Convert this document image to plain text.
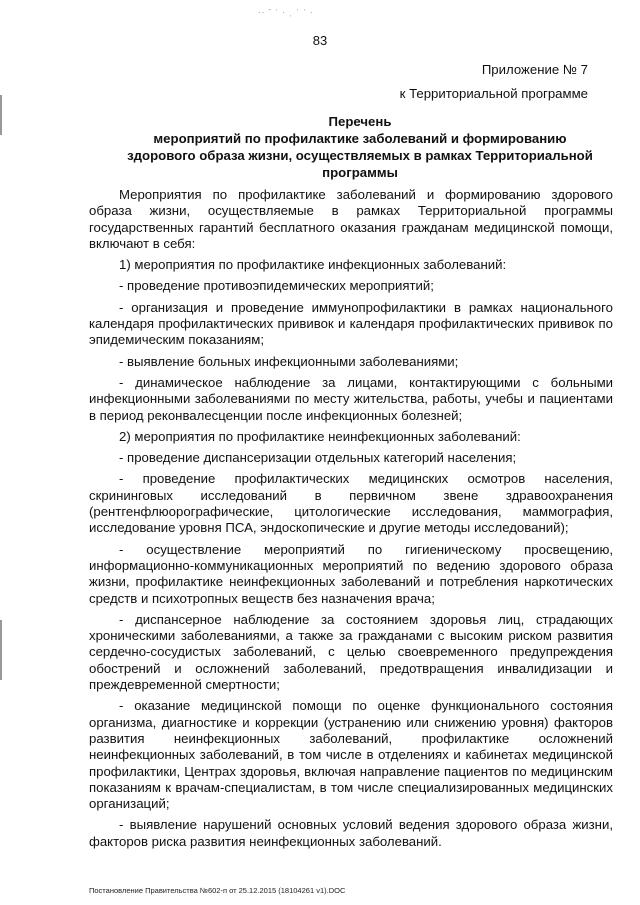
·· ˉ ˈ · ˌ ˈ ˈ ·
83
Приложение № 7
к Территориальной программе
Перечень
мероприятий по профилактике заболеваний и формированию
здорового образа жизни, осуществляемых в рамках Территориальной
программы

Мероприятия по профилактике заболеваний и формированию здорового образа жизни, осуществляемые в рамках Территориальной программы государственных гарантий бесплатного оказания гражданам медицинской помощи, включают в себя:

1) мероприятия по профилактике инфекционных заболеваний:

- проведение противоэпидемических мероприятий;

- организация и проведение иммунопрофилактики в рамках национального календаря профилактических прививок и календаря профилактических прививок по эпидемическим показаниям;

- выявление больных инфекционными заболеваниями;

- динамическое наблюдение за лицами, контактирующими с больными инфекционными заболеваниями по месту жительства, работы, учебы и пациентами в период реконвалесценции после инфекционных болезней;

2) мероприятия по профилактике неинфекционных заболеваний:

- проведение диспансеризации отдельных категорий населения;

- проведение профилактических медицинских осмотров населения, скрининговых исследований в первичном звене здравоохранения (рентгенфлюорографические, цитологические исследования, маммография, исследование уровня ПСА, эндоскопические и другие методы исследований);

- осуществление мероприятий по гигиеническому просвещению, информационно-коммуникационных мероприятий по ведению здорового образа жизни, профилактике неинфекционных заболеваний и потребления наркотических средств и психотропных веществ без назначения врача;

- диспансерное наблюдение за состоянием здоровья лиц, страдающих хроническими заболеваниями, а также за гражданами с высоким риском развития сердечно-сосудистых заболеваний, с целью своевременного предупреждения обострений и осложнений заболеваний, предотвращения инвалидизации и преждевременной смертности;

- оказание медицинской помощи по оценке функционального состояния организма, диагностике и коррекции (устранению или снижению уровня) факторов развития неинфекционных заболеваний, профилактике осложнений неинфекционных заболеваний, в том числе в отделениях и кабинетах медицинской профилактики, Центрах здоровья, включая направление пациентов по медицинским показаниям к врачам-специалистам, в том числе специализированных медицинских организаций;

- выявление нарушений основных условий ведения здорового образа жизни, факторов риска развития неинфекционных заболеваний.

Постановление Правительства №602-п от 25.12.2015 (18104261 v1).DOC
